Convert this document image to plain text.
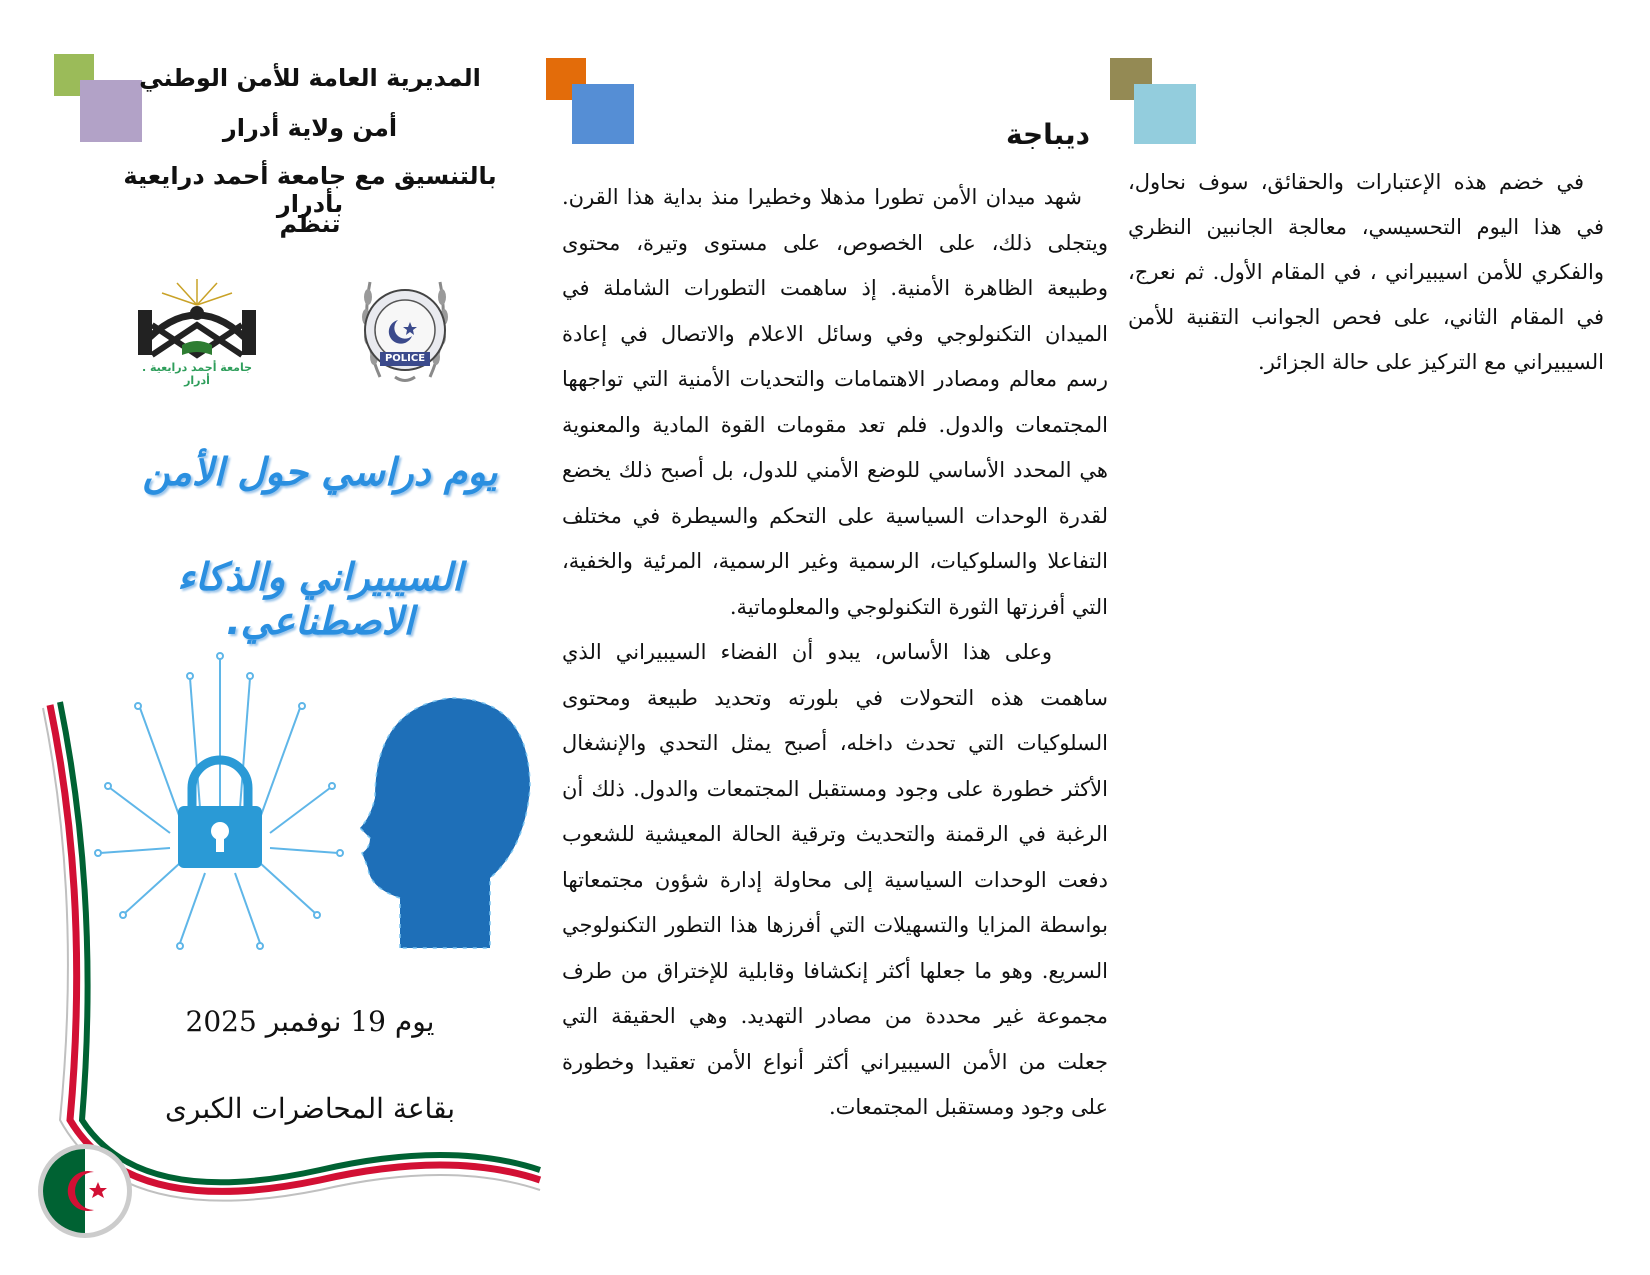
المديرية العامة للأمن الوطني
أمن ولاية أدرار
بالتنسيق مع جامعة أحمد درايعية بأدرار
تنظم
جامعة أحمد درايعية . أدرار
POLICE
يوم دراسي حول الأمن
السيبيراني والذكاء الاصطناعي.
يوم 19 نوفمبر 2025
بقاعة المحاضرات الكبرى
ديباجة

شهد ميدان الأمن تطورا مذهلا وخطيرا منذ بداية هذا القرن. ويتجلى ذلك، على الخصوص، على مستوى وتيرة، محتوى وطبيعة الظاهرة الأمنية. إذ ساهمت التطورات الشاملة في الميدان التكنولوجي وفي وسائل الاعلام والاتصال في إعادة رسم معالم ومصادر الاهتمامات والتحديات الأمنية التي تواجهها المجتمعات والدول. فلم تعد مقومات القوة المادية والمعنوية هي المحدد الأساسي للوضع الأمني للدول، بل أصبح ذلك يخضع لقدرة الوحدات السياسية على التحكم والسيطرة في مختلف التفاعلا والسلوكيات، الرسمية وغير الرسمية، المرئية والخفية، التي أفرزتها الثورة التكنولوجي والمعلوماتية.

وعلى هذا الأساس، يبدو أن الفضاء السيبيراني الذي ساهمت هذه التحولات في بلورته وتحديد طبيعة ومحتوى السلوكيات التي تحدث داخله، أصبح يمثل التحدي والإنشغال الأكثر خطورة على وجود ومستقبل المجتمعات والدول. ذلك أن الرغبة في الرقمنة والتحديث وترقية الحالة المعيشية للشعوب دفعت الوحدات السياسية إلى محاولة إدارة شؤون مجتمعاتها بواسطة المزايا والتسهيلات التي أفرزها هذا التطور التكنولوجي السريع. وهو ما جعلها أكثر إنكشافا وقابلية للإختراق من طرف مجموعة غير محددة من مصادر التهديد. وهي الحقيقة التي جعلت من الأمن السيبيراني أكثر أنواع الأمن تعقيدا وخطورة على وجود ومستقبل المجتمعات.

في خضم هذه الإعتبارات والحقائق، سوف نحاول، في هذا اليوم التحسيسي، معالجة الجانبين النظري والفكري للأمن اسيبيراني ، في المقام الأول. ثم نعرج، في المقام الثاني، على فحص الجوانب التقنية للأمن السيبيراني مع التركيز على حالة الجزائر.
